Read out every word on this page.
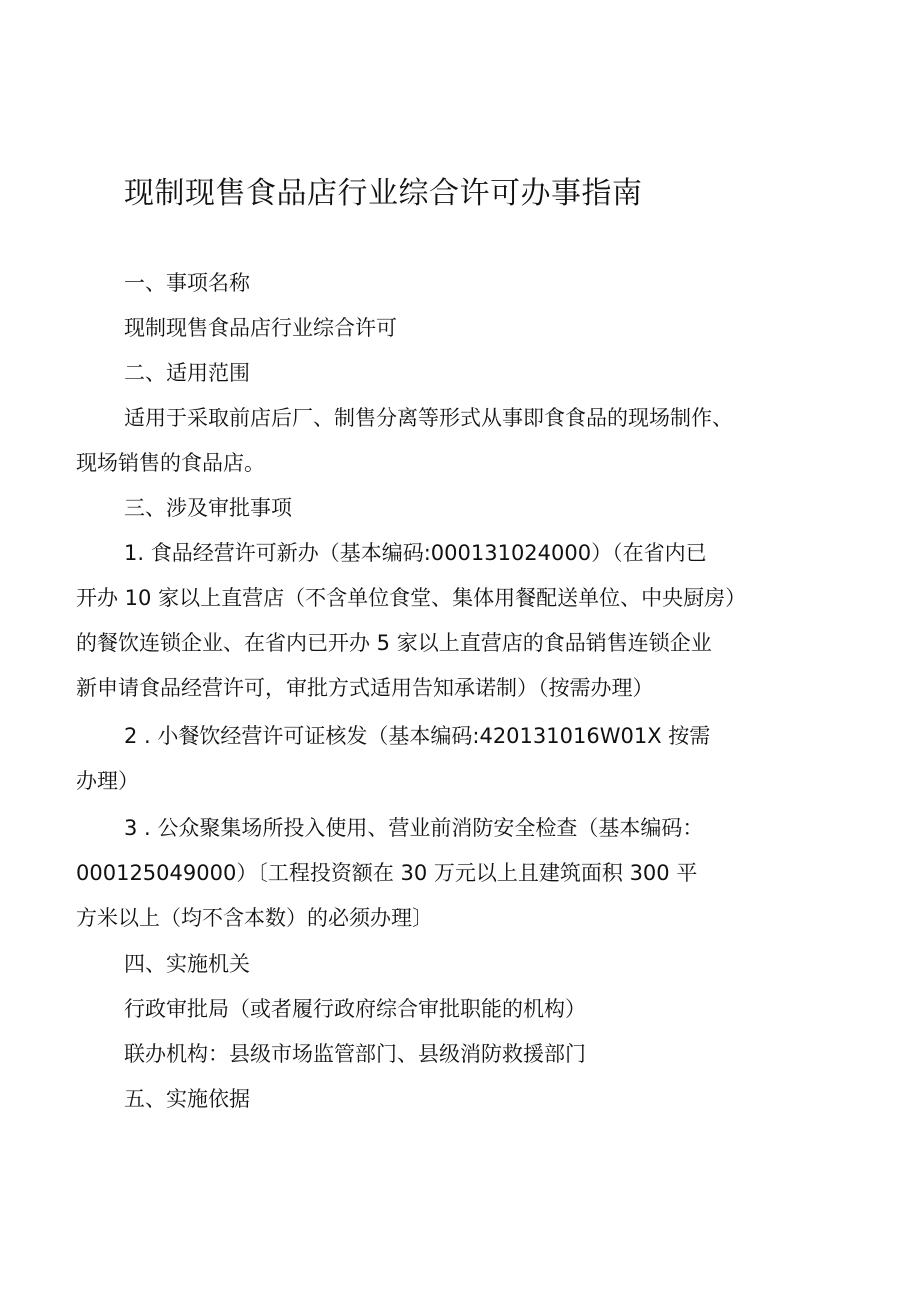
现制现售食品店行业综合许可办事指南

一、事项名称

现制现售食品店行业综合许可

二、适用范围

适用于采取前店后厂、制售分离等形式从事即食食品的现场制作、

现场销售的食品店。

三、涉及审批事项

1. 食品经营许可新办（基本编码:000131024000）（在省内已

开办 10 家以上直营店（不含单位食堂、集体用餐配送单位、中央厨房）

的餐饮连锁企业、在省内已开办 5 家以上直营店的食品销售连锁企业

新申请食品经营许可，审批方式适用告知承诺制）（按需办理）

2 . 小餐饮经营许可证核发（基本编码:420131016W01X 按需

办理）

3 . 公众聚集场所投入使用、营业前消防安全检查（基本编码：

000125049000）〔工程投资额在 30 万元以上且建筑面积 300 平

方米以上（均不含本数）的必须办理〕

四、实施机关

行政审批局（或者履行政府综合审批职能的机构）

联办机构：县级市场监管部门、县级消防救援部门

五、实施依据
